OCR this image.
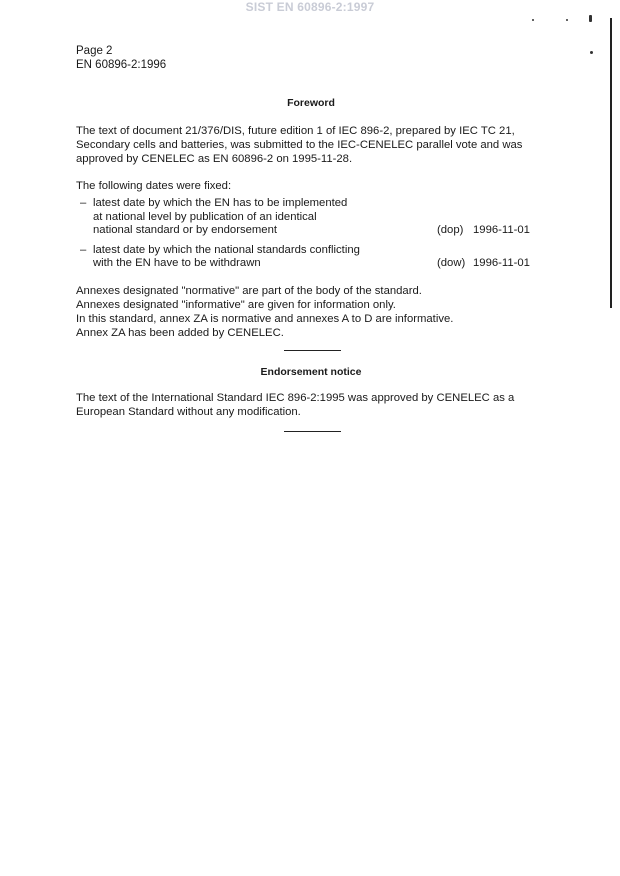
SIST EN 60896-2:1997
Page 2
EN 60896-2:1996
Foreword
The text of document 21/376/DIS, future edition 1 of IEC 896-2, prepared by IEC TC 21,
Secondary cells and batteries, was submitted to the IEC-CENELEC parallel vote and was
approved by CENELEC as EN 60896-2 on 1995-11-28.
The following dates were fixed:
– latest date by which the EN has to be implemented
at national level by publication of an identical
national standard or by endorsement	(dop) 1996-11-01
– latest date by which the national standards conflicting
with the EN have to be withdrawn	(dow) 1996-11-01
Annexes designated "normative" are part of the body of the standard.
Annexes designated "informative" are given for information only.
In this standard, annex ZA is normative and annexes A to D are informative.
Annex ZA has been added by CENELEC.
Endorsement notice
The text of the International Standard IEC 896-2:1995 was approved by CENELEC as a
European Standard without any modification.
